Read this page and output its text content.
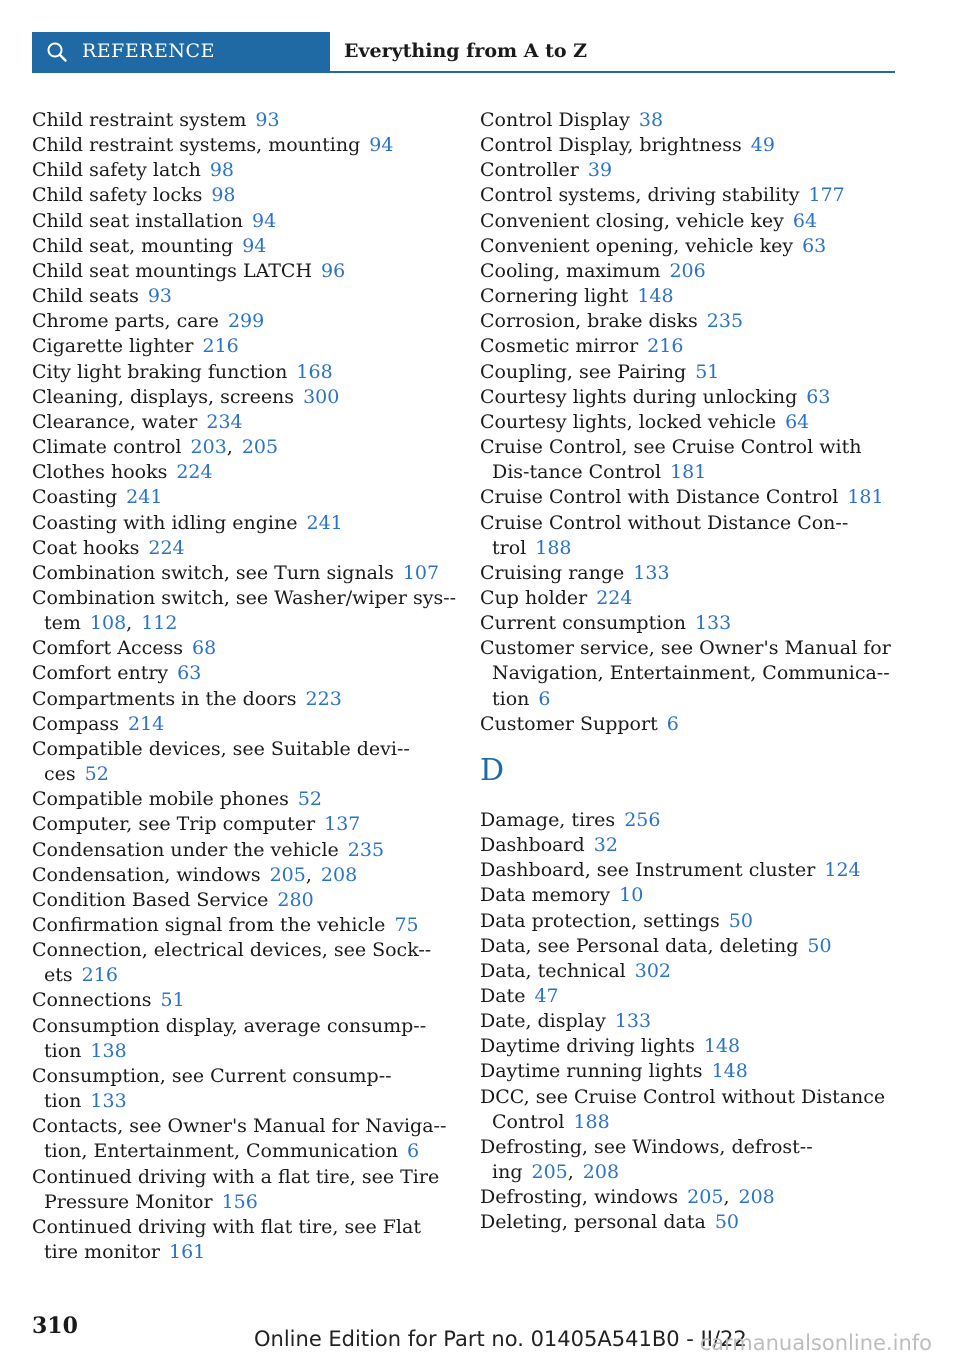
REFERENCE	Everything from A to Z
Child restraint system 93
Child restraint systems, mounting 94
Child safety latch 98
Child safety locks 98
Child seat installation 94
Child seat, mounting 94
Child seat mountings LATCH 96
Child seats 93
Chrome parts, care 299
Cigarette lighter 216
City light braking function 168
Cleaning, displays, screens 300
Clearance, water 234
Climate control 203, 205
Clothes hooks 224
Coasting 241
Coasting with idling engine 241
Coat hooks 224
Combination switch, see Turn signals 107
Combination switch, see Washer/wiper sys-tem 108, 112
Comfort Access 68
Comfort entry 63
Compartments in the doors 223
Compass 214
Compatible devices, see Suitable devi-ces 52
Compatible mobile phones 52
Computer, see Trip computer 137
Condensation under the vehicle 235
Condensation, windows 205, 208
Condition Based Service 280
Confirmation signal from the vehicle 75
Connection, electrical devices, see Sock-ets 216
Connections 51
Consumption display, average consump-tion 138
Consumption, see Current consump-tion 133
Contacts, see Owner's Manual for Naviga-tion, Entertainment, Communication 6
Continued driving with a flat tire, see Tire Pressure Monitor 156
Continued driving with flat tire, see Flat tire monitor 161
Control Display 38
Control Display, brightness 49
Controller 39
Control systems, driving stability 177
Convenient closing, vehicle key 64
Convenient opening, vehicle key 63
Cooling, maximum 206
Cornering light 148
Corrosion, brake disks 235
Cosmetic mirror 216
Coupling, see Pairing 51
Courtesy lights during unlocking 63
Courtesy lights, locked vehicle 64
Cruise Control, see Cruise Control with Dis-tance Control 181
Cruise Control with Distance Control 181
Cruise Control without Distance Con-trol 188
Cruising range 133
Cup holder 224
Current consumption 133
Customer service, see Owner's Manual for Navigation, Entertainment, Communica-tion 6
Customer Support 6
D
Damage, tires 256
Dashboard 32
Dashboard, see Instrument cluster 124
Data memory 10
Data protection, settings 50
Data, see Personal data, deleting 50
Data, technical 302
Date 47
Date, display 133
Daytime driving lights 148
Daytime running lights 148
DCC, see Cruise Control without Distance Control 188
Defrosting, see Windows, defrost-ing 205, 208
Defrosting, windows 205, 208
Deleting, personal data 50
310	Online Edition for Part no. 01405A541B0 - II/22
carmanualsonline.info
